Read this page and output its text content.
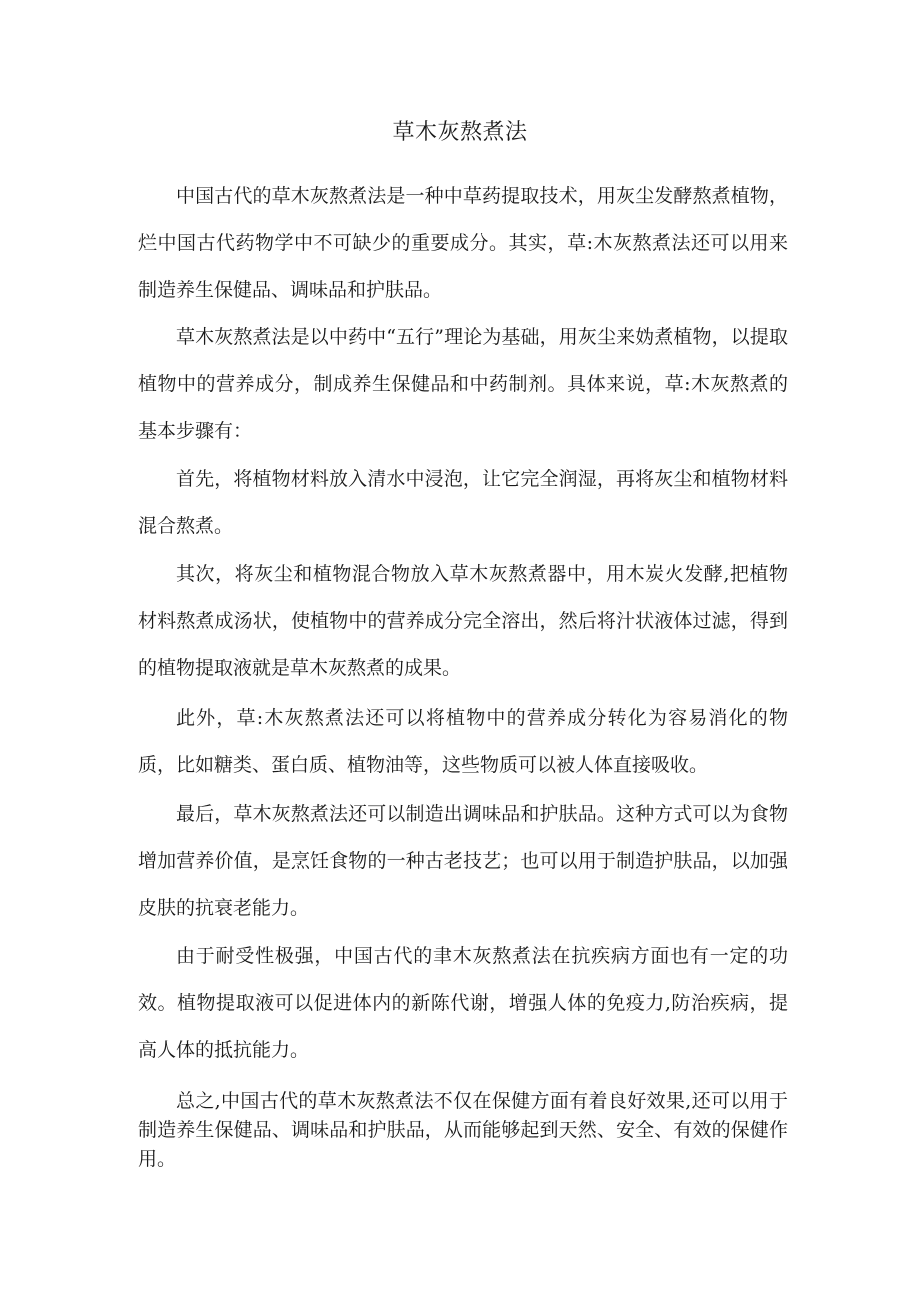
草木灰熬煮法

中国古代的草木灰熬煮法是一种中草药提取技术，用灰尘发酵熬煮植物，烂中国古代药物学中不可缺少的重要成分。其实，草:木灰熬煮法还可以用来制造养生保健品、调味品和护肤品。

草木灰熬煮法是以中药中“五行”理论为基础，用灰尘来妫煮植物，以提取植物中的营养成分，制成养生保健品和中药制剂。具体来说，草:木灰熬煮的基本步骤有：

首先，将植物材料放入清水中浸泡，让它完全润湿，再将灰尘和植物材料混合熬煮。

其次，将灰尘和植物混合物放入草木灰熬煮器中，用木炭火发酵,把植物材料熬煮成汤状，使植物中的营养成分完全溶出，然后将汁状液体过滤，得到的植物提取液就是草木灰熬煮的成果。

此外，草:木灰熬煮法还可以将植物中的营养成分转化为容易消化的物质，比如糖类、蛋白质、植物油等，这些物质可以被人体直接吸收。

最后，草木灰熬煮法还可以制造出调味品和护肤品。这种方式可以为食物增加营养价值，是烹饪食物的一种古老技艺；也可以用于制造护肤品，以加强皮肤的抗衰老能力。

由于耐受性极强，中国古代的聿木灰熬煮法在抗疾病方面也有一定的功效。植物提取液可以促进体内的新陈代谢，增强人体的免疫力,防治疾病，提高人体的抵抗能力。

总之,中国古代的草木灰熬煮法不仅在保健方面有着良好效果,还可以用于制造养生保健品、调味品和护肤品，从而能够起到天然、安全、有效的保健作用。
